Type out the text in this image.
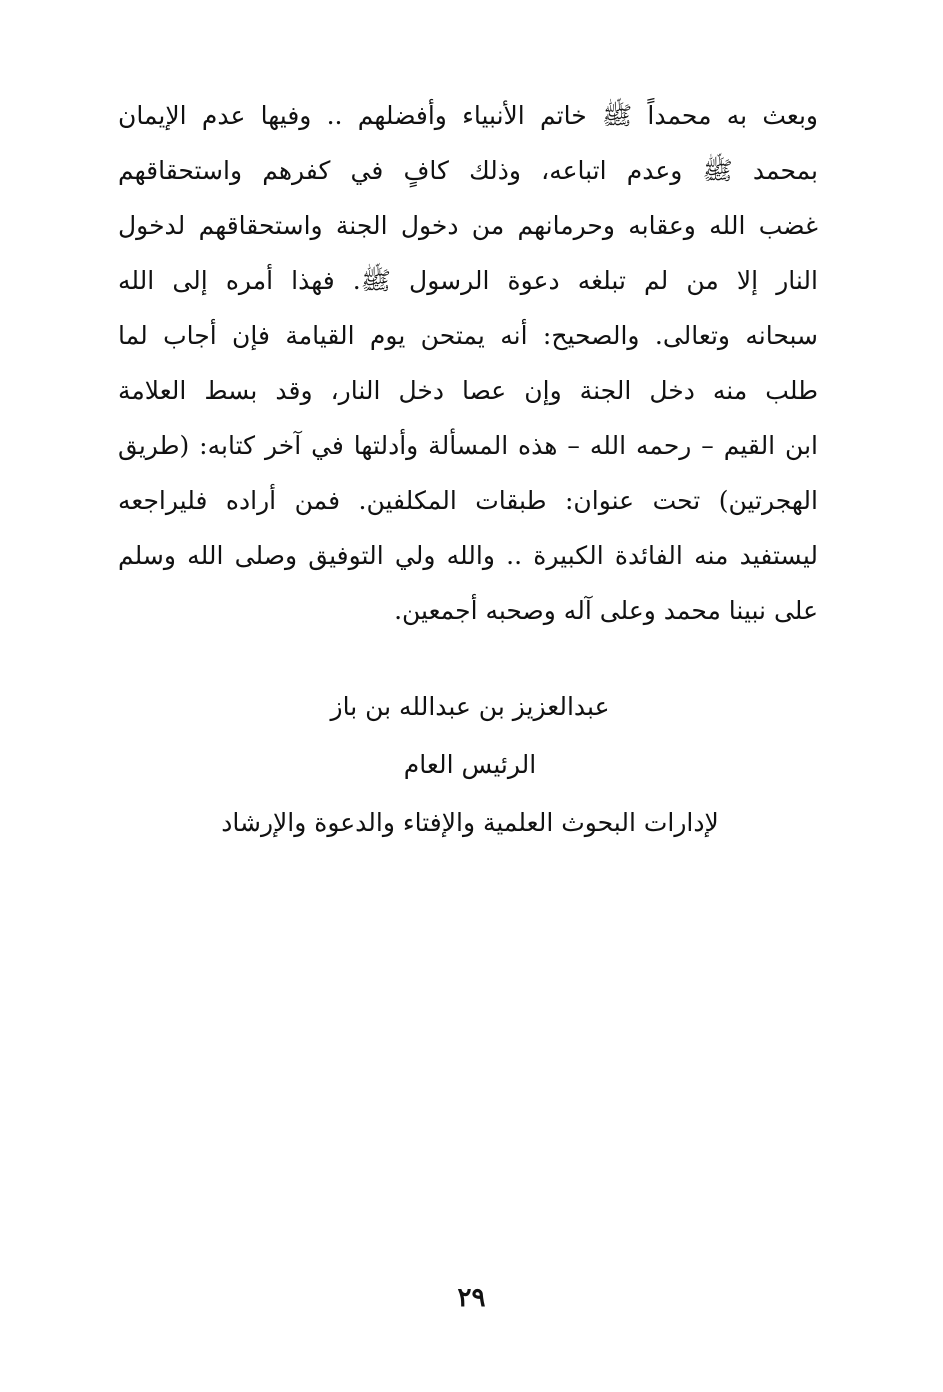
وبعث به محمداً ﷺ خاتم الأنبياء وأفضلهم .. وفيها عدم الإيمان
بمحمد ﷺ وعدم اتباعه، وذلك كافٍ في كفرهم واستحقاقهم
غضب الله وعقابه وحرمانهم من دخول الجنة واستحقاقهم لدخول
النار إلا من لم تبلغه دعوة الرسول ﷺ. فهذا أمره إلى الله
سبحانه وتعالى. والصحيح: أنه يمتحن يوم القيامة فإن أجاب لما
طلب منه دخل الجنة وإن عصا دخل النار، وقد بسط العلامة
ابن القيم – رحمه الله – هذه المسألة وأدلتها في آخر كتابه: (طريق
الهجرتين) تحت عنوان: طبقات المكلفين. فمن أراده فليراجعه
ليستفيد منه الفائدة الكبيرة .. والله ولي التوفيق وصلى الله وسلم
على نبينا محمد وعلى آله وصحبه أجمعين.
عبدالعزيز بن عبدالله بن باز
الرئيس العام
لإدارات البحوث العلمية والإفتاء والدعوة والإرشاد
٢٩
